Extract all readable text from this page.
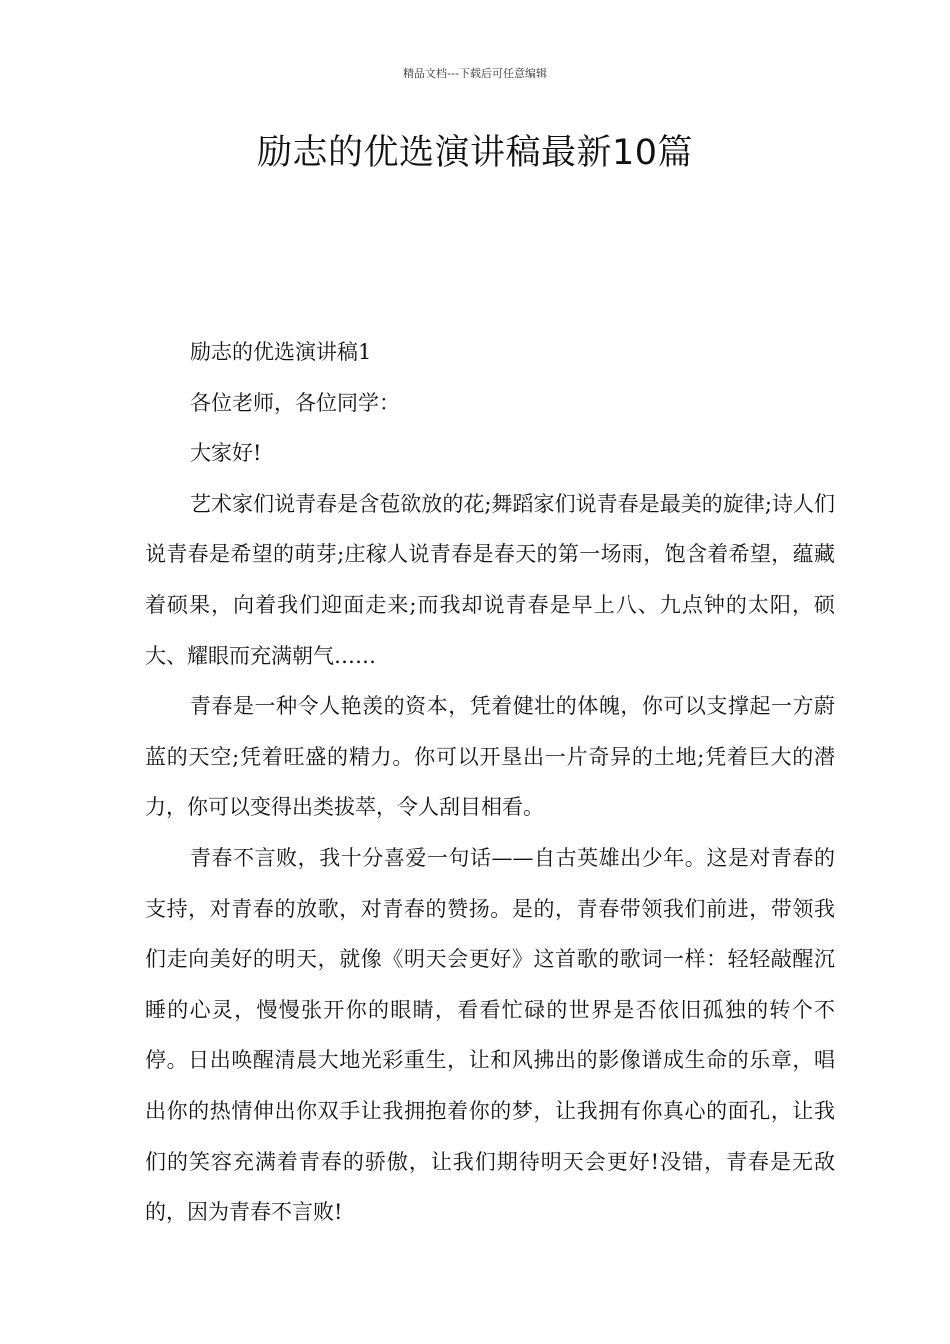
精品文档---下载后可任意编辑
励志的优选演讲稿最新10篇

励志的优选演讲稿1

各位老师，各位同学：

大家好!

艺术家们说青春是含苞欲放的花;舞蹈家们说青春是最美的旋律;诗人们说青春是希望的萌芽;庄稼人说青春是春天的第一场雨，饱含着希望，蕴藏着硕果，向着我们迎面走来;而我却说青春是早上八、九点钟的太阳，硕大、耀眼而充满朝气……

青春是一种令人艳羡的资本，凭着健壮的体魄，你可以支撑起一方蔚蓝的天空;凭着旺盛的精力。你可以开垦出一片奇异的土地;凭着巨大的潜力，你可以变得出类拔萃，令人刮目相看。

青春不言败，我十分喜爱一句话——自古英雄出少年。这是对青春的支持，对青春的放歌，对青春的赞扬。是的，青春带领我们前进，带领我们走向美好的明天，就像《明天会更好》这首歌的歌词一样：轻轻敲醒沉睡的心灵，慢慢张开你的眼睛，看看忙碌的世界是否依旧孤独的转个不停。日出唤醒清晨大地光彩重生，让和风拂出的影像谱成生命的乐章，唱出你的热情伸出你双手让我拥抱着你的梦，让我拥有你真心的面孔，让我们的笑容充满着青春的骄傲，让我们期待明天会更好!没错，青春是无敌的，因为青春不言败!
